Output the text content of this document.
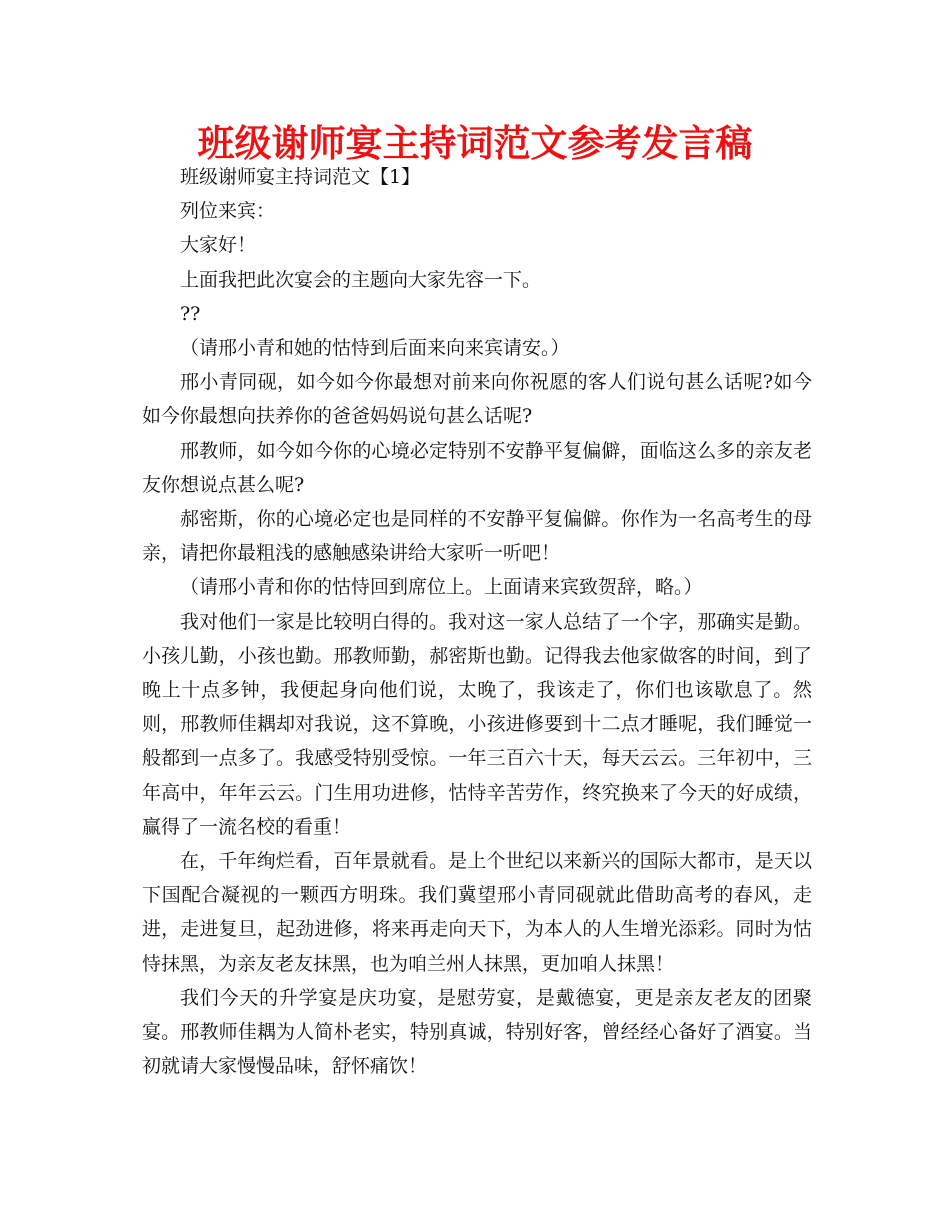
班级谢师宴主持词范文参考发言稿

班级谢师宴主持词范文【1】

列位来宾：

大家好！

上面我把此次宴会的主题向大家先容一下。

??

（请邢小青和她的怙恃到后面来向来宾请安。）

邢小青同砚，如今如今你最想对前来向你祝愿的客人们说句甚么话呢?如今如今你最想向扶养你的爸爸妈妈说句甚么话呢?

邢教师，如今如今你的心境必定特别不安静平复偏僻，面临这么多的亲友老友你想说点甚么呢?

郝密斯，你的心境必定也是同样的不安静平复偏僻。你作为一名高考生的母亲，请把你最粗浅的感触感染讲给大家听一听吧！

（请邢小青和你的怙恃回到席位上。上面请来宾致贺辞，略。）

我对他们一家是比较明白得的。我对这一家人总结了一个字，那确实是勤。小孩儿勤，小孩也勤。邢教师勤，郝密斯也勤。记得我去他家做客的时间，到了晚上十点多钟，我便起身向他们说，太晚了，我该走了，你们也该歇息了。然则，邢教师佳耦却对我说，这不算晚，小孩进修要到十二点才睡呢，我们睡觉一般都到一点多了。我感受特别受惊。一年三百六十天，每天云云。三年初中，三年高中，年年云云。门生用功进修，怙恃辛苦劳作，终究换来了今天的好成绩，赢得了一流名校的看重！

在，千年绚烂看，百年景就看。是上个世纪以来新兴的国际大都市，是天以下国配合凝视的一颗西方明珠。我们冀望邢小青同砚就此借助高考的春风，走进，走进复旦，起劲进修，将来再走向天下，为本人的人生增光添彩。同时为怙恃抹黑，为亲友老友抹黑，也为咱兰州人抹黑，更加咱人抹黑！

我们今天的升学宴是庆功宴，是慰劳宴，是戴德宴，更是亲友老友的团聚宴。邢教师佳耦为人简朴老实，特别真诚，特别好客，曾经经心备好了酒宴。当初就请大家慢慢品味，舒怀痛饮！
